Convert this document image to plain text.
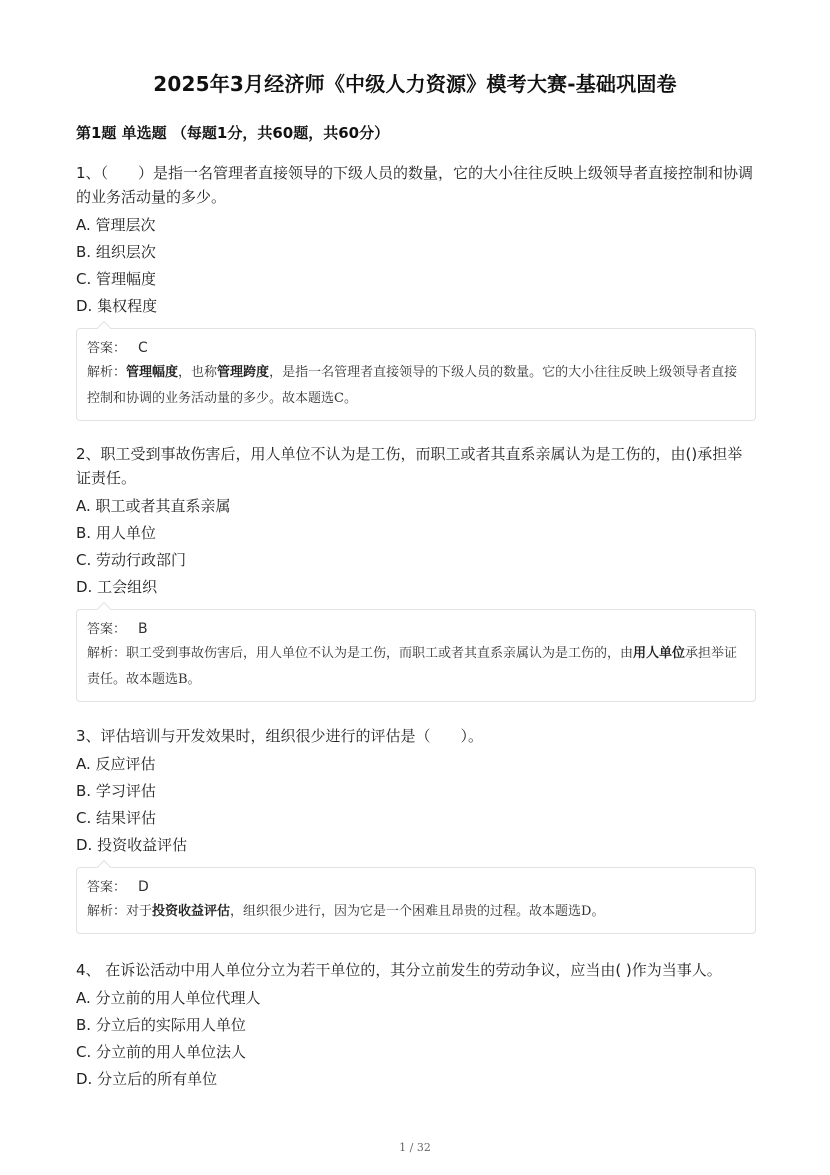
2025年3月经济师《中级人力资源》模考大赛-基础巩固卷
第1题 单选题 （每题1分，共60题，共60分）

1、（　　）是指一名管理者直接领导的下级人员的数量，它的大小往往反映上级领导者直接控制和协调的业务活动量的多少。

A. 管理层次
B. 组织层次
C. 管理幅度
D. 集权程度
答案： C
解析：管理幅度，也称管理跨度，是指一名管理者直接领导的下级人员的数量。它的大小往往反映上级领导者直接控制和协调的业务活动量的多少。故本题选C。

2、职工受到事故伤害后，用人单位不认为是工伤，而职工或者其直系亲属认为是工伤的，由()承担举证责任。

A. 职工或者其直系亲属
B. 用人单位
C. 劳动行政部门
D. 工会组织
答案： B
解析：职工受到事故伤害后，用人单位不认为是工伤，而职工或者其直系亲属认为是工伤的，由用人单位承担举证责任。故本题选B。

3、评估培训与开发效果时，组织很少进行的评估是（　　）。

A. 反应评估
B. 学习评估
C. 结果评估
D. 投资收益评估
答案： D
解析：对于投资收益评估，组织很少进行，因为它是一个困难且昂贵的过程。故本题选D。

4、 在诉讼活动中用人单位分立为若干单位的，其分立前发生的劳动争议，应当由( )作为当事人。

A. 分立前的用人单位代理人
B. 分立后的实际用人单位
C. 分立前的用人单位法人
D. 分立后的所有单位
1 / 32
